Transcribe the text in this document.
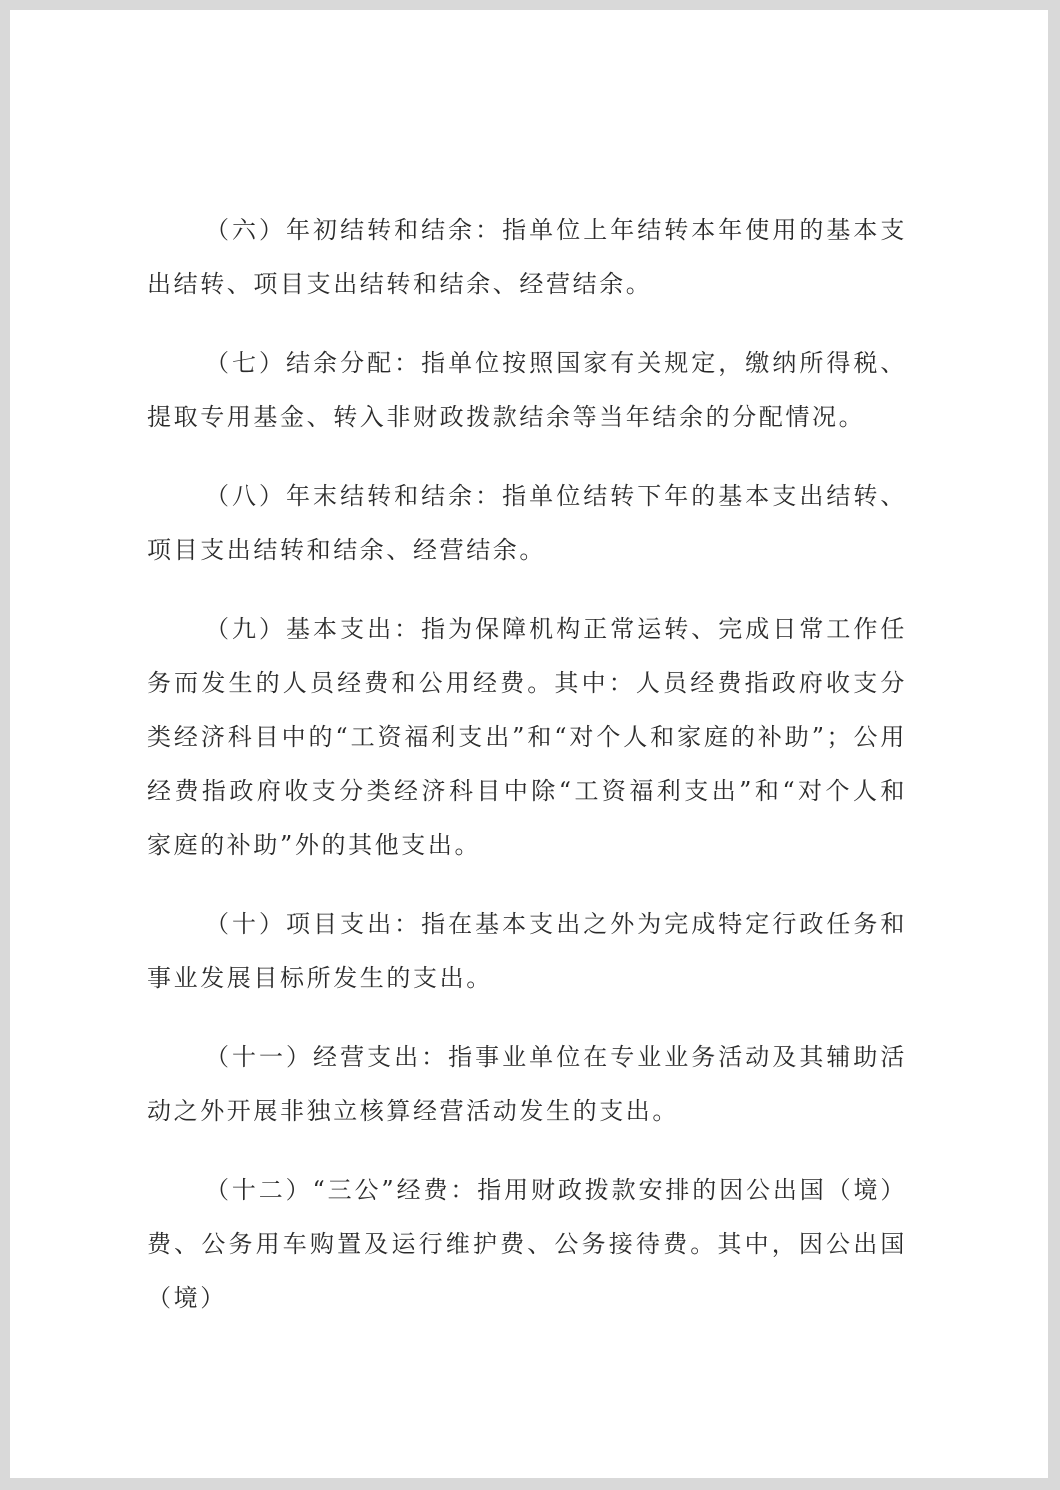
（六）年初结转和结余：指单位上年结转本年使用的基本支出结转、项目支出结转和结余、经营结余。

（七）结余分配：指单位按照国家有关规定，缴纳所得税、提取专用基金、转入非财政拨款结余等当年结余的分配情况。

（八）年末结转和结余：指单位结转下年的基本支出结转、项目支出结转和结余、经营结余。

（九）基本支出：指为保障机构正常运转、完成日常工作任务而发生的人员经费和公用经费。其中：人员经费指政府收支分类经济科目中的“工资福利支出”和“对个人和家庭的补助”；公用经费指政府收支分类经济科目中除“工资福利支出”和“对个人和家庭的补助”外的其他支出。

（十）项目支出：指在基本支出之外为完成特定行政任务和事业发展目标所发生的支出。

（十一）经营支出：指事业单位在专业业务活动及其辅助活动之外开展非独立核算经营活动发生的支出。

（十二）“三公”经费：指用财政拨款安排的因公出国（境）费、公务用车购置及运行维护费、公务接待费。其中，因公出国（境）
